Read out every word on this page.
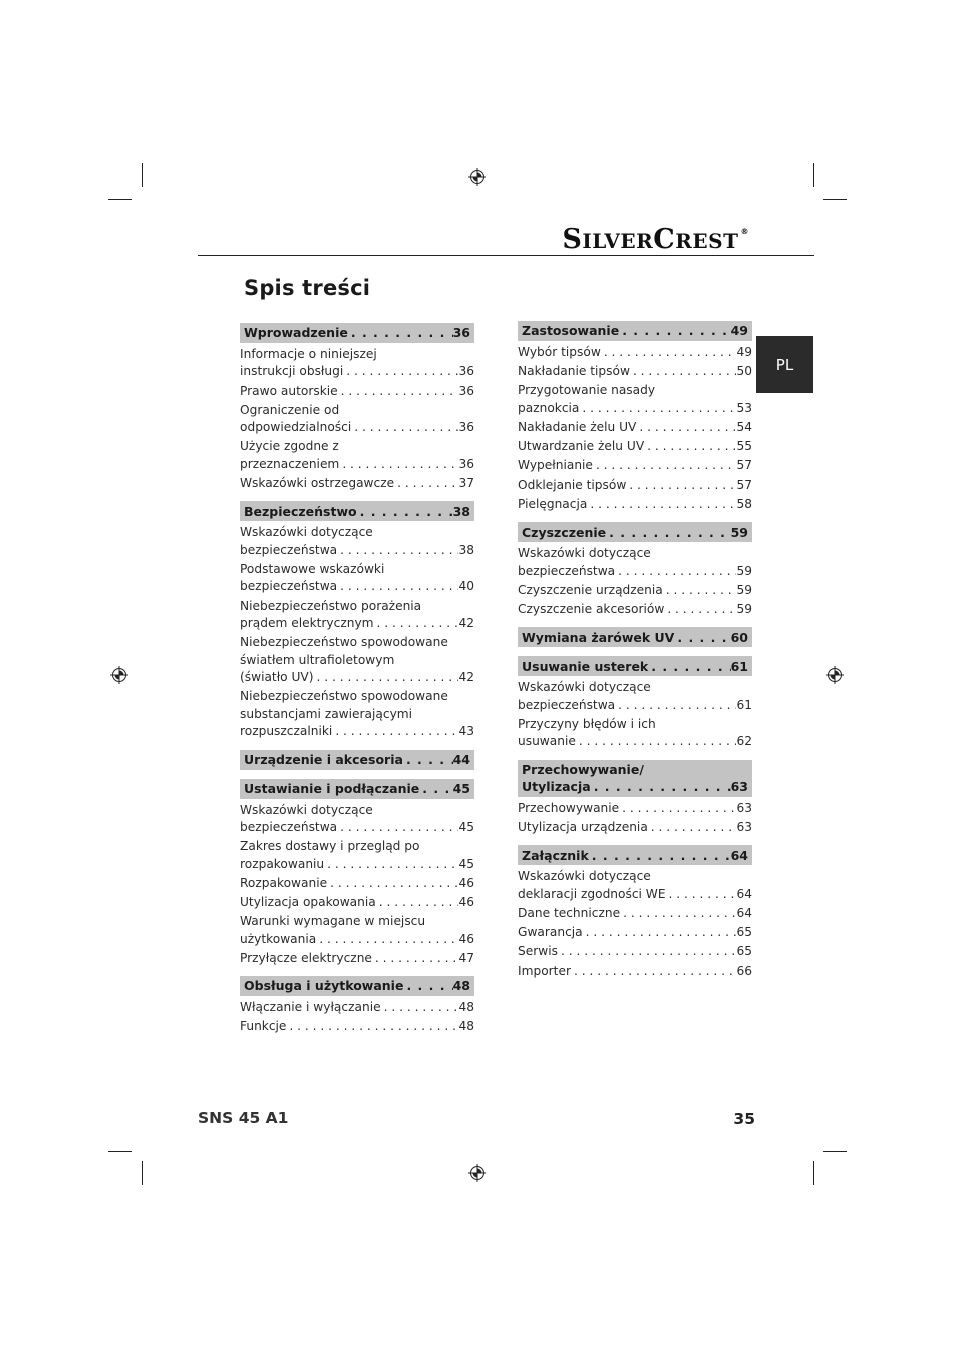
SILVERCREST ®
Spis treści
PL
Wprowadzenie . . .	36
Informacje o niniejszej
instrukcji obsługi . . .	36
Prawo autorskie . . .	36
Ograniczenie od
odpowiedzialności . . .	36
Użycie zgodne z
przeznaczeniem . . .	36
Wskazówki ostrzegawcze . . .	37
Bezpieczeństwo . . .	38
Wskazówki dotyczące
bezpieczeństwa . . .	38
Podstawowe wskazówki
bezpieczeństwa . . .	40
Niebezpieczeństwo porażenia
prądem elektrycznym . . .	42
Niebezpieczeństwo spowodowane
światłem ultrafioletowym
(światło UV) . . .	42
Niebezpieczeństwo spowodowane
substancjami zawierającymi
rozpuszczalniki . . .	43
Urządzenie i akcesoria . . .	44
Ustawianie i podłączanie . . .	45
Wskazówki dotyczące
bezpieczeństwa . . .	45
Zakres dostawy i przegląd po
rozpakowaniu . . .	45
Rozpakowanie . . .	46
Utylizacja opakowania . . .	46
Warunki wymagane w miejscu
użytkowania . . .	46
Przyłącze elektryczne . . .	47
Obsługa i użytkowanie . . .	48
Włączanie i wyłączanie . . .	48
Funkcje . . .	48
Zastosowanie . . .	49
Wybór tipsów . . .	49
Nakładanie tipsów . . .	50
Przygotowanie nasady
paznokcia . . .	53
Nakładanie żelu UV . . .	54
Utwardzanie żelu UV . . .	55
Wypełnianie . . .	57
Odklejanie tipsów . . .	57
Pielęgnacja . . .	58
Czyszczenie . . .	59
Wskazówki dotyczące
bezpieczeństwa . . .	59
Czyszczenie urządzenia . . .	59
Czyszczenie akcesoriów . . .	59
Wymiana żarówek UV . . .	60
Usuwanie usterek . . .	61
Wskazówki dotyczące
bezpieczeństwa . . .	61
Przyczyny błędów i ich
usuwanie . . .	62
Przechowywanie/
Utylizacja . . .	63
Przechowywanie . . .	63
Utylizacja urządzenia . . .	63
Załącznik . . .	64
Wskazówki dotyczące
deklaracji zgodności WE . . .	64
Dane techniczne . . .	64
Gwarancja . . .	65
Serwis . . .	65
Importer . . .	66
SNS 45 A1	35
